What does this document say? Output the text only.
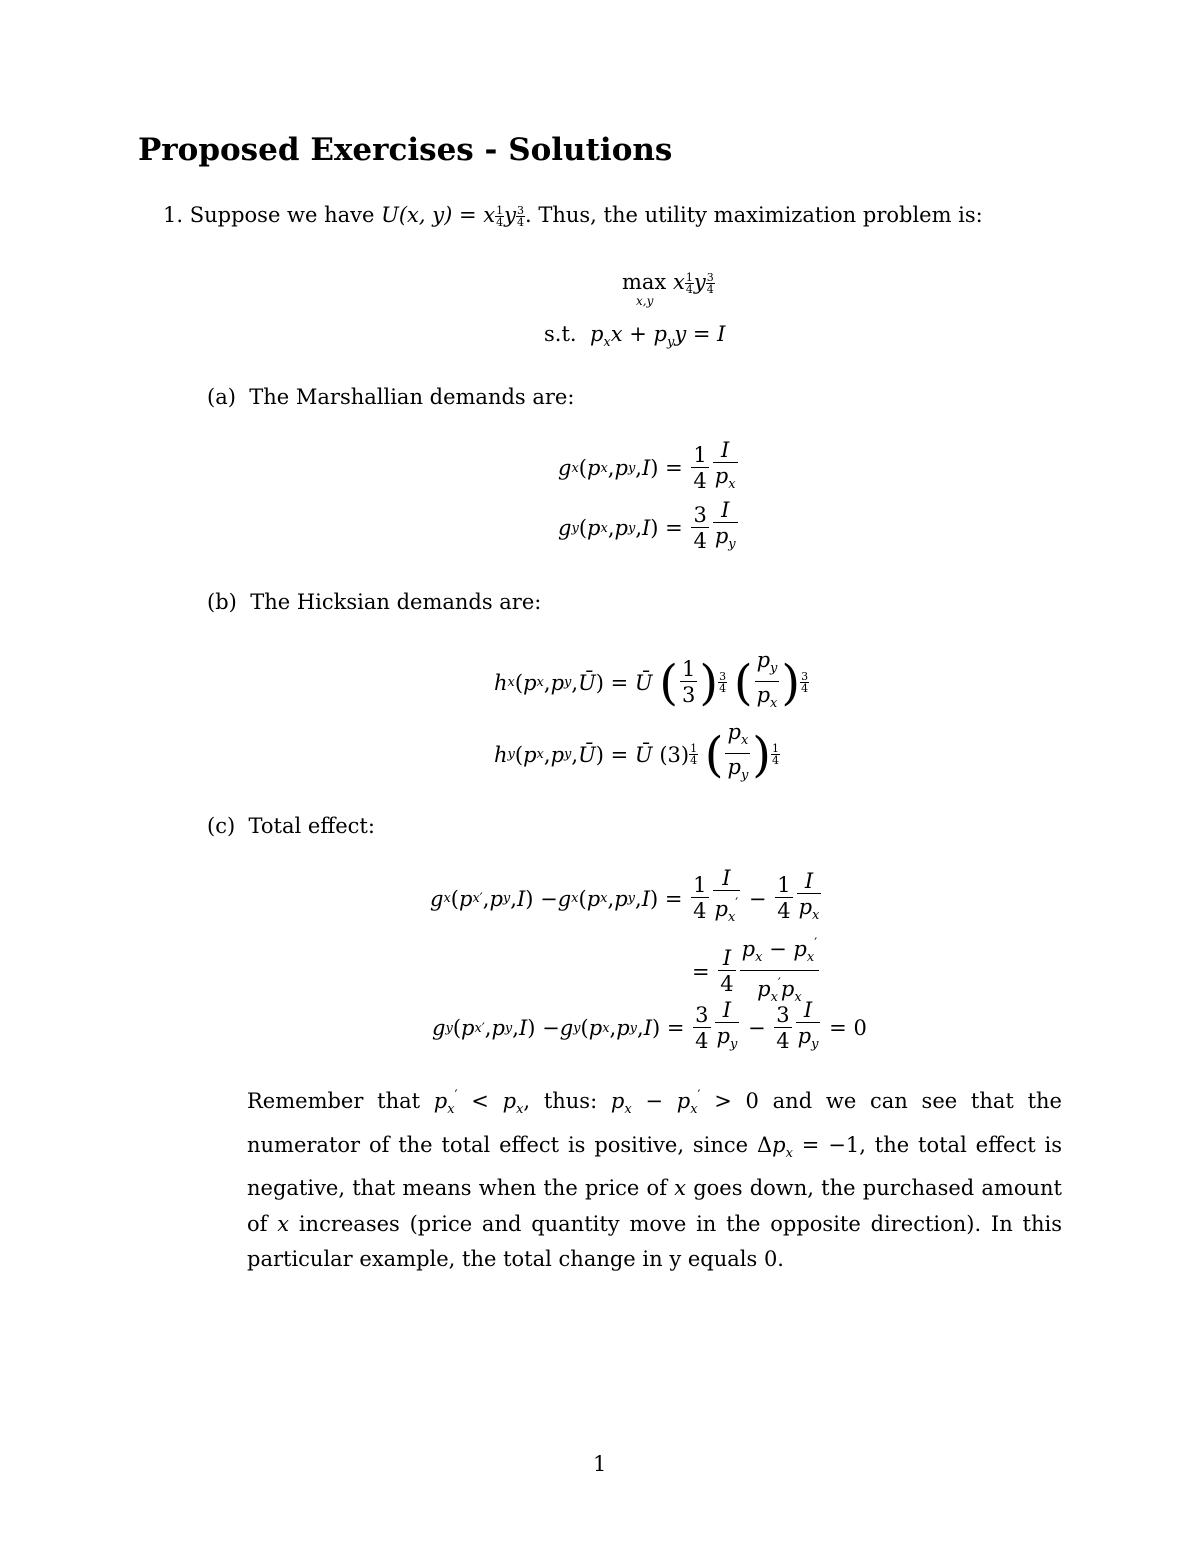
Proposed Exercises - Solutions
1. Suppose we have U(x, y) = x $\frac{1}{4}$ y $\frac{3}{4}$ . Thus, the utility maximization problem is:
max x $\frac{1}{4}$ y $\frac{3}{4}$
x,y
s.t. $p_xx + p_yy = I$
(a) The Marshallian demands are:
g x ( p x , p y , I ) = $\frac{1}{4} \frac{I}{p_x}$
g y ( p x , p y , I ) = $\frac{3}{4} \frac{I}{p_y}$
(b) The Hicksian demands are:
h x ( p x , p y , Ū ) = Ū
( $\frac{1}{3}$ ) 3
4
( $\frac{p_y}{p_x}$ ) 3
4
h y ( p x , p y , Ū ) = Ū
(3) 1
4
( $\frac{p_x}{p_y}$ ) 1
4
(c) Total effect:
g x ( p x ′ , p y , I ) − g x ( p x , p y , I ) = $\frac{1}{4} \frac{I}{p_x'} - \frac{1}{4} \frac{I}{p_x}$
= $\frac{I}{4} \frac{p_x - p_x'}{p_x'p_x}$
g y ( p x ′ , p y , I ) − g y ( p x , p y , I ) = $\frac{3}{4} \frac{I}{p_y} - \frac{3}{4} \frac{I}{p_y}$
= 0
Remember that $p_x' < p_x$, thus: $p_x - p_x' > 0$ and we can see that the numerator of the total effect is positive, since $\Delta p_x = -1$, the total effect is negative, that means when the price of x goes down, the purchased amount of x increases (price and quantity move in the opposite direction). In this particular example, the total change in y equals 0.
1
